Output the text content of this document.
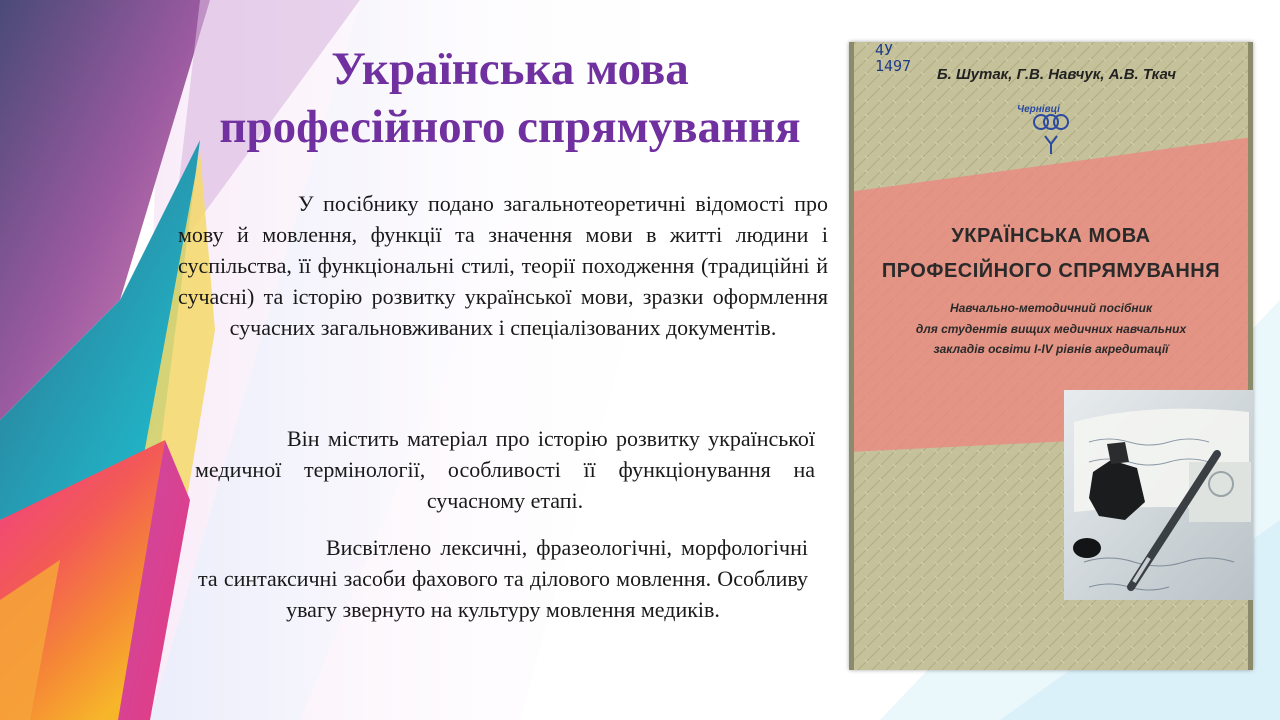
Українська мова
професійного спрямування

У посібнику подано загальнотеоретичні відомості про мову й мовлення, функції та значення мови в житті людини і суспільства, її функціональні стилі, теорії походження (традиційні й сучасні) та історію розвитку української мови, зразки оформлення сучасних загальновживаних і спеціалізованих документів.

Він містить матеріал про історію розвитку української медичної термінології, особливості її функціонування на сучасному етапі.

Висвітлено лексичні, фразеологічні, морфологічні та синтаксичні засоби фахового та ділового мовлення. Особливу увагу звернуто на культуру мовлення медиків.

4У
1497 Б. Шутак, Г.В. Навчук, А.В. Ткач
Чернівці
УКРАЇНСЬКА МОВА
ПРОФЕСІЙНОГО СПРЯМУВАННЯ
Навчально-методичний посібник
для студентів вищих медичних навчальних
закладів освіти І-IV рівнів акредитації
